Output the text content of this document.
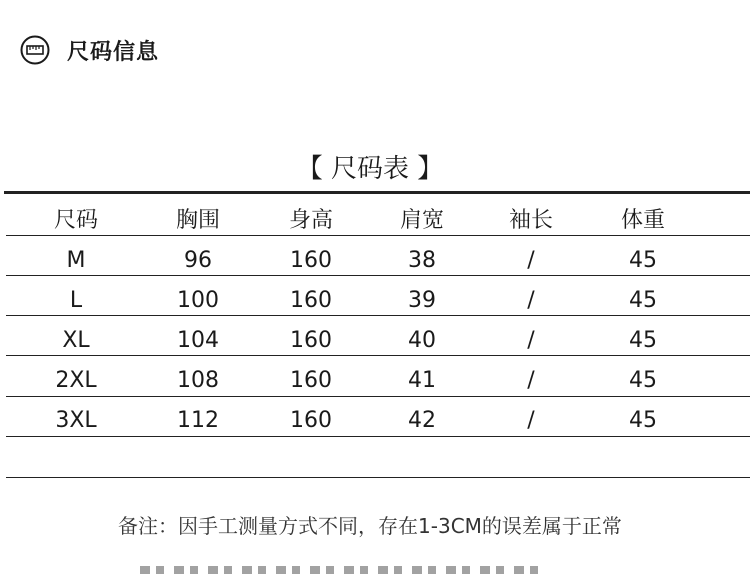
尺码信息
【 尺码表 】
尺码	胸围	身高	肩宽	袖长	体重
M	96	160	38	/	45
L	100	160	39	/	45
XL	104	160	40	/	45
2XL	108	160	41	/	45
3XL	112	160	42	/	45
备注：因手工测量方式不同，存在1-3CM的误差属于正常
